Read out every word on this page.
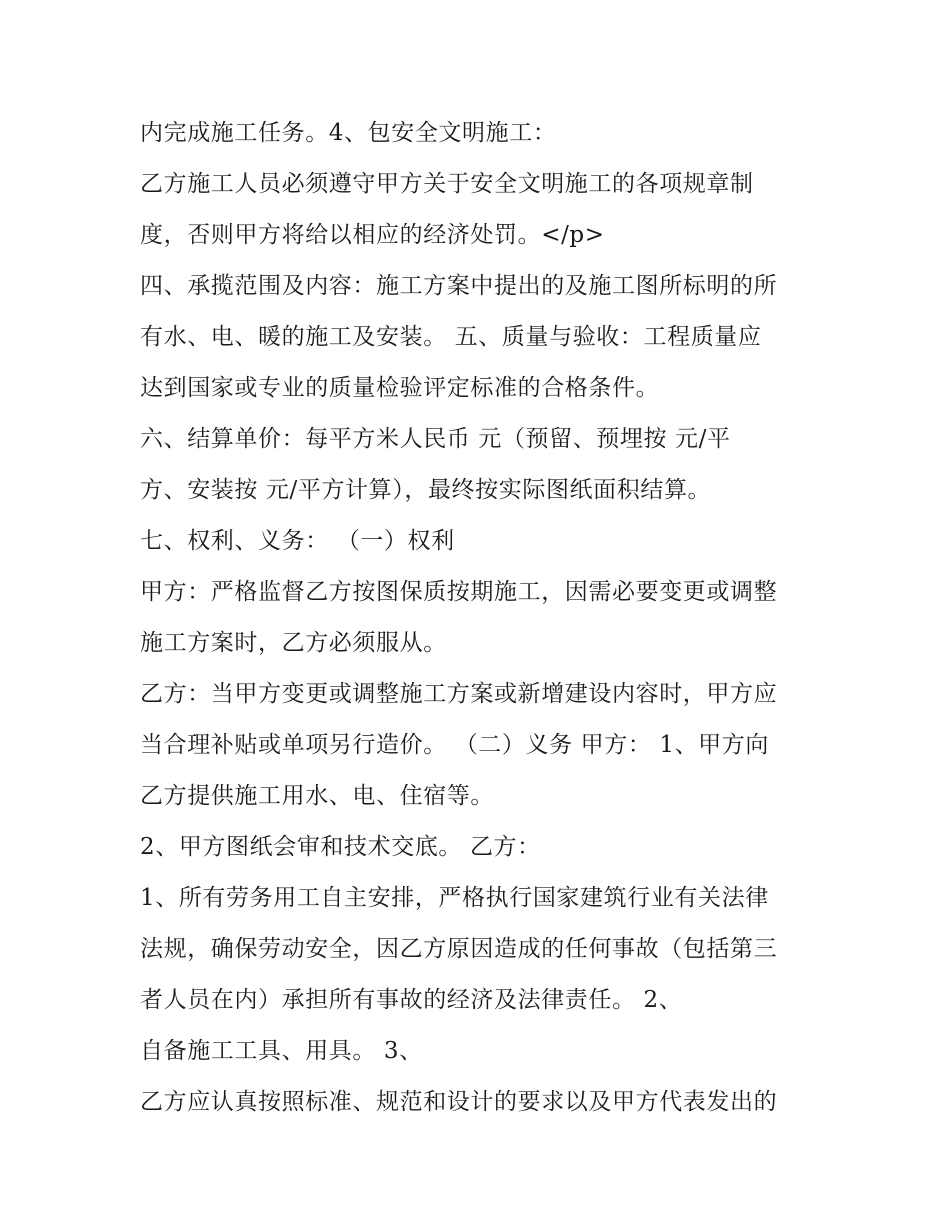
内完成施工任务。4、包安全文明施工：
乙方施工人员必须遵守甲方关于安全文明施工的各项规章制
度，否则甲方将给以相应的经济处罚。</p>
四、承揽范围及内容：施工方案中提出的及施工图所标明的所
有水、电、暖的施工及安装。 五、质量与验收：工程质量应
达到国家或专业的质量检验评定标准的合格条件。
六、结算单价：每平方米人民币 元（预留、预埋按 元/平
方、安装按 元/平方计算），最终按实际图纸面积结算。
七、权利、义务： （一）权利
甲方：严格监督乙方按图保质按期施工，因需必要变更或调整
施工方案时，乙方必须服从。
乙方：当甲方变更或调整施工方案或新增建设内容时，甲方应
当合理补贴或单项另行造价。 （二）义务 甲方： 1、甲方向
乙方提供施工用水、电、住宿等。
2、甲方图纸会审和技术交底。 乙方：
1、所有劳务用工自主安排，严格执行国家建筑行业有关法律
法规，确保劳动安全，因乙方原因造成的任何事故（包括第三
者人员在内）承担所有事故的经济及法律责任。 2、
自备施工工具、用具。 3、
乙方应认真按照标准、规范和设计的要求以及甲方代表发出的
